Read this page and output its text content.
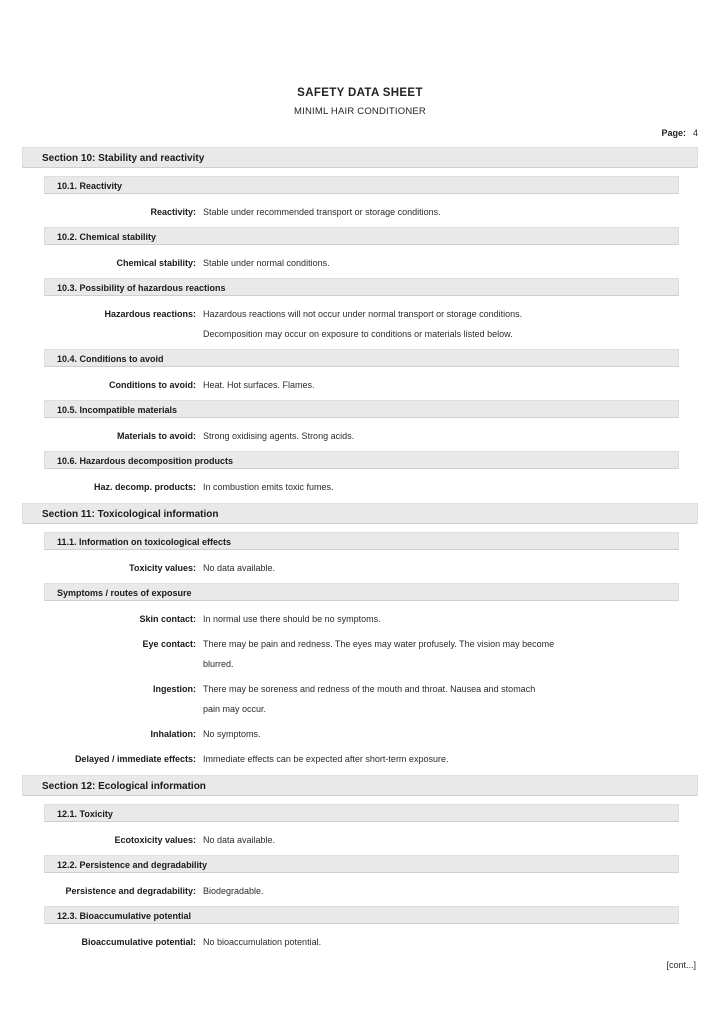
SAFETY DATA SHEET
MINIML HAIR CONDITIONER
Page: 4
Section 10: Stability and reactivity
10.1. Reactivity
Reactivity: Stable under recommended transport or storage conditions.
10.2. Chemical stability
Chemical stability: Stable under normal conditions.
10.3. Possibility of hazardous reactions
Hazardous reactions: Hazardous reactions will not occur under normal transport or storage conditions.
Decomposition may occur on exposure to conditions or materials listed below.
10.4. Conditions to avoid
Conditions to avoid: Heat. Hot surfaces. Flames.
10.5. Incompatible materials
Materials to avoid: Strong oxidising agents. Strong acids.
10.6. Hazardous decomposition products
Haz. decomp. products: In combustion emits toxic fumes.
Section 11: Toxicological information
11.1. Information on toxicological effects
Toxicity values: No data available.
Symptoms / routes of exposure
Skin contact: In normal use there should be no symptoms.
Eye contact: There may be pain and redness. The eyes may water profusely. The vision may become
blurred.
Ingestion: There may be soreness and redness of the mouth and throat. Nausea and stomach
pain may occur.
Inhalation: No symptoms.
Delayed / immediate effects: Immediate effects can be expected after short-term exposure.
Section 12: Ecological information
12.1. Toxicity
Ecotoxicity values: No data available.
12.2. Persistence and degradability
Persistence and degradability: Biodegradable.
12.3. Bioaccumulative potential
Bioaccumulative potential: No bioaccumulation potential.
[cont...]
